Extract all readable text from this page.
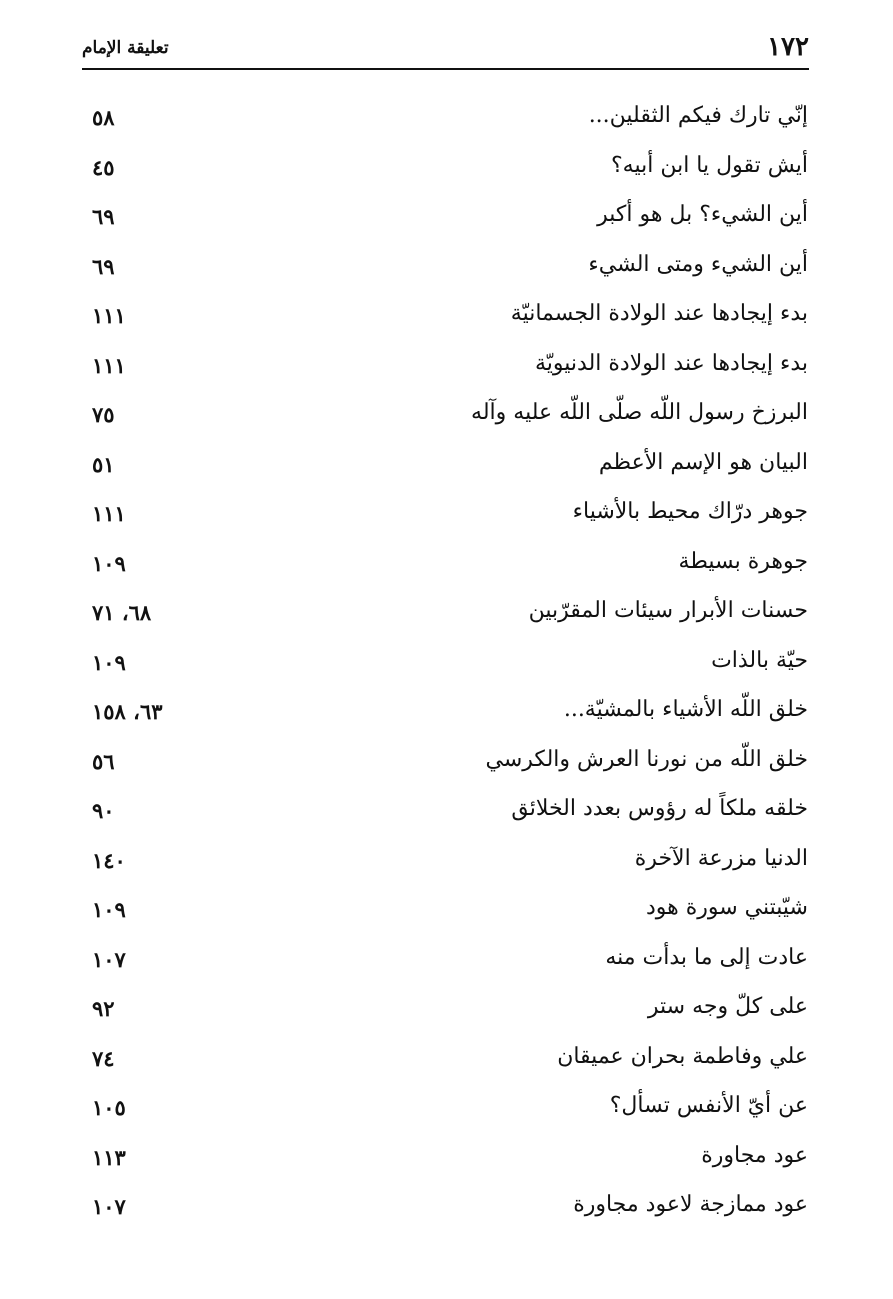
١٧٢
تعليقة الإمام
إنّي تارك فيكم الثقلين...
٥٨
أيش تقول يا ابن أبيه؟
٤٥
أين الشيء؟ بل هو أكبر
٦٩
أين الشيء ومتى الشيء
٦٩
بدء إيجادها عند الولادة الجسمانيّة
١١١
بدء إيجادها عند الولادة الدنيويّة
١١١
البرزخ رسول اللّه صلّى اللّه عليه وآله
٧٥
البيان هو الإسم الأعظم
٥١
جوهر درّاك محيط بالأشياء
١١١
جوهرة بسيطة
١٠٩
حسنات الأبرار سيئات المقرّبين
٦٨، ٧١
حيّة بالذات
١٠٩
خلق اللّه الأشياء بالمشيّة...
٦٣، ١٥٨
خلق اللّه من نورنا العرش والكرسي
٥٦
خلقه ملكاً له رؤوس بعدد الخلائق
٩٠
الدنيا مزرعة الآخرة
١٤٠
شيّبتني سورة هود
١٠٩
عادت إلى ما بدأت منه
١٠٧
على كلّ وجه ستر
٩٢
علي وفاطمة بحران عميقان
٧٤
عن أيّ الأنفس تسأل؟
١٠٥
عود مجاورة
١١٣
عود ممازجة لاعود مجاورة
١٠٧
